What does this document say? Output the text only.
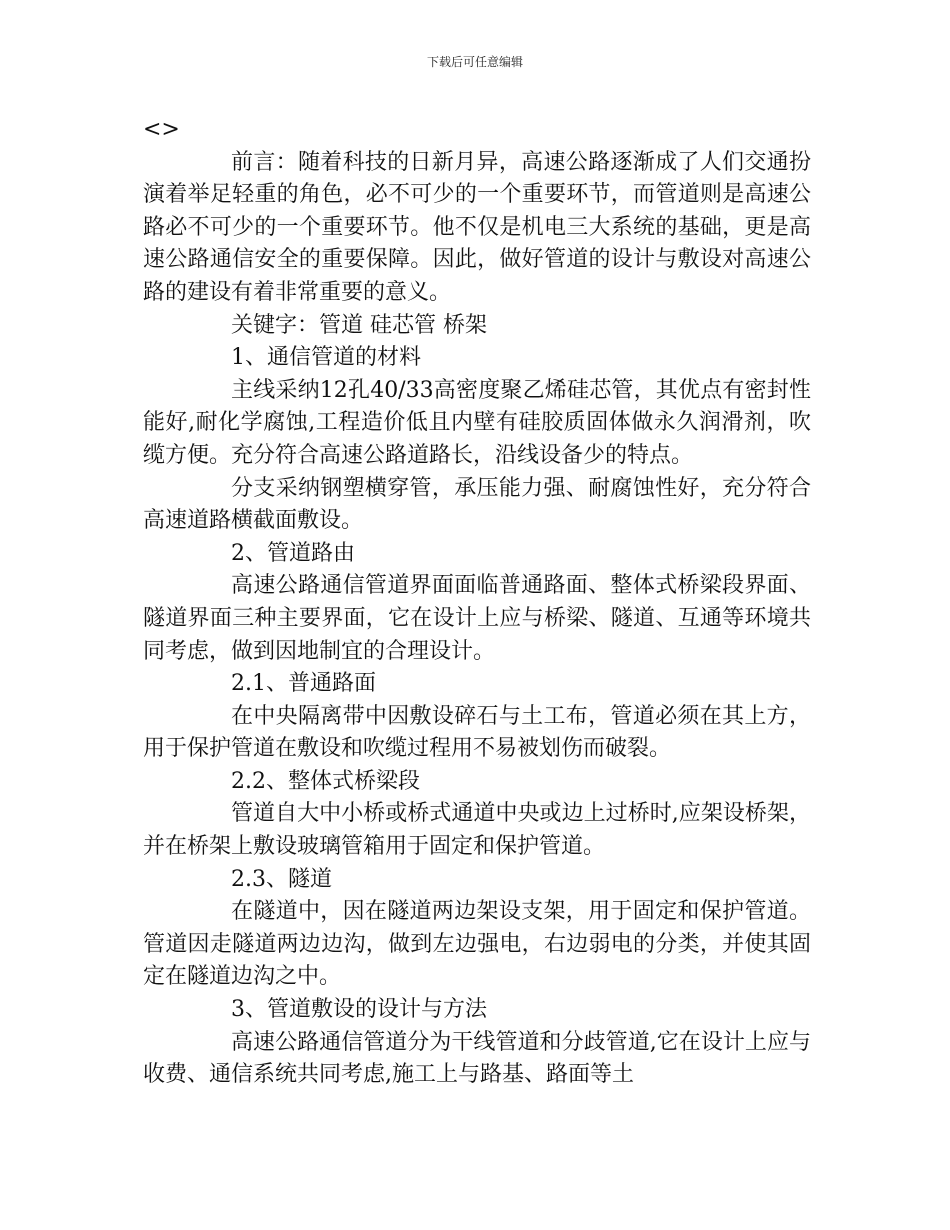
下载后可任意编辑

<>

前言：随着科技的日新月异，高速公路逐渐成了人们交通扮演着举足轻重的角色，必不可少的一个重要环节，而管道则是高速公路必不可少的一个重要环节。他不仅是机电三大系统的基础，更是高速公路通信安全的重要保障。因此，做好管道的设计与敷设对高速公路的建设有着非常重要的意义。

关键字：管道 硅芯管 桥架

1、通信管道的材料

主线采纳12孔40/33高密度聚乙烯硅芯管，其优点有密封性能好,耐化学腐蚀,工程造价低且内壁有硅胶质固体做永久润滑剂，吹缆方便。充分符合高速公路道路长，沿线设备少的特点。

分支采纳钢塑横穿管，承压能力强、耐腐蚀性好，充分符合高速道路横截面敷设。

2、管道路由

高速公路通信管道界面面临普通路面、整体式桥梁段界面、隧道界面三种主要界面，它在设计上应与桥梁、隧道、互通等环境共同考虑，做到因地制宜的合理设计。

2.1、普通路面

在中央隔离带中因敷设碎石与土工布，管道必须在其上方，用于保护管道在敷设和吹缆过程用不易被划伤而破裂。

2.2、整体式桥梁段

管道自大中小桥或桥式通道中央或边上过桥时,应架设桥架，并在桥架上敷设玻璃管箱用于固定和保护管道。

2.3、隧道

在隧道中，因在隧道两边架设支架，用于固定和保护管道。管道因走隧道两边边沟，做到左边强电，右边弱电的分类，并使其固定在隧道边沟之中。

3、管道敷设的设计与方法

高速公路通信管道分为干线管道和分歧管道,它在设计上应与收费、通信系统共同考虑,施工上与路基、路面等土
